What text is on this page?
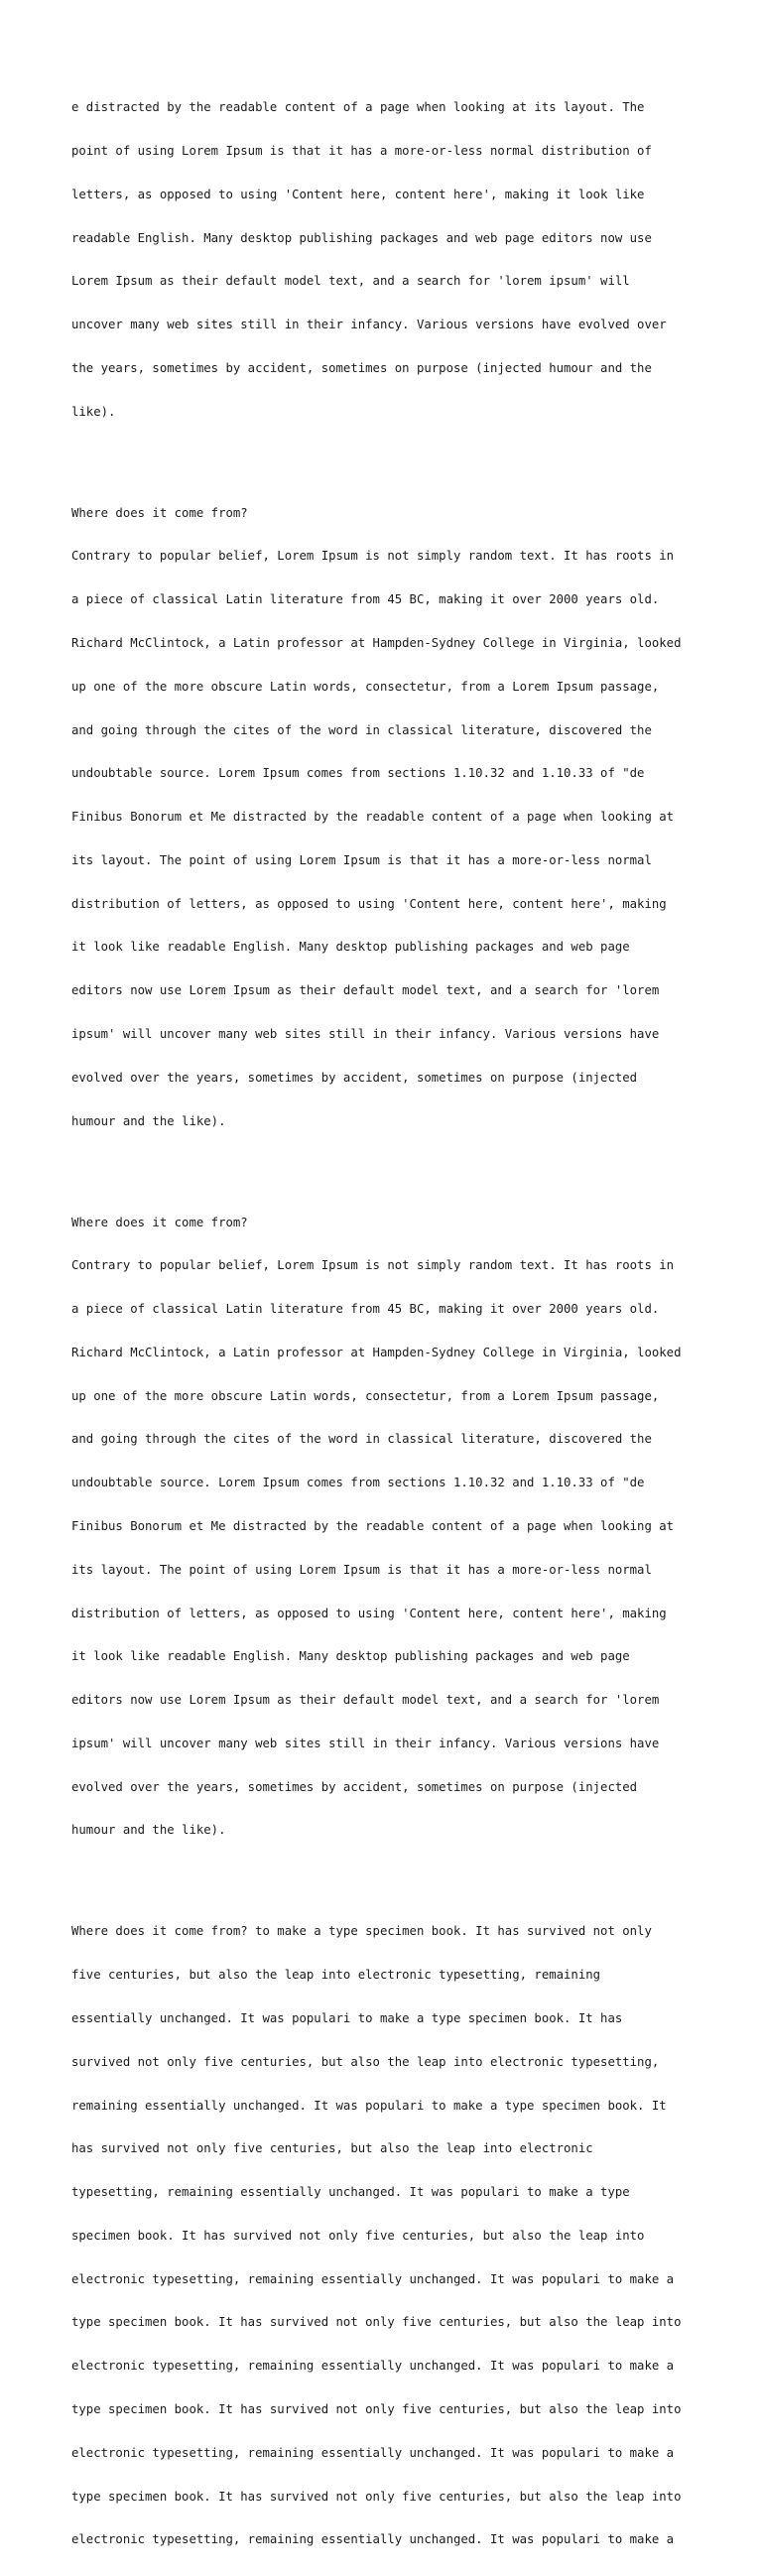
e distracted by the readable content of a page when looking at its layout. The

point of using Lorem Ipsum is that it has a more-or-less normal distribution of

letters, as opposed to using 'Content here, content here', making it look like

readable English. Many desktop publishing packages and web page editors now use

Lorem Ipsum as their default model text, and a search for 'lorem ipsum' will

uncover many web sites still in their infancy. Various versions have evolved over

the years, sometimes by accident, sometimes on purpose (injected humour and the

like).

Where does it come from?

Contrary to popular belief, Lorem Ipsum is not simply random text. It has roots in

a piece of classical Latin literature from 45 BC, making it over 2000 years old.

Richard McClintock, a Latin professor at Hampden-Sydney College in Virginia, looked

up one of the more obscure Latin words, consectetur, from a Lorem Ipsum passage,

and going through the cites of the word in classical literature, discovered the

undoubtable source. Lorem Ipsum comes from sections 1.10.32 and 1.10.33 of "de

Finibus Bonorum et Me distracted by the readable content of a page when looking at

its layout. The point of using Lorem Ipsum is that it has a more-or-less normal

distribution of letters, as opposed to using 'Content here, content here', making

it look like readable English. Many desktop publishing packages and web page

editors now use Lorem Ipsum as their default model text, and a search for 'lorem

ipsum' will uncover many web sites still in their infancy. Various versions have

evolved over the years, sometimes by accident, sometimes on purpose (injected

humour and the like).

Where does it come from?

Contrary to popular belief, Lorem Ipsum is not simply random text. It has roots in

a piece of classical Latin literature from 45 BC, making it over 2000 years old.

Richard McClintock, a Latin professor at Hampden-Sydney College in Virginia, looked

up one of the more obscure Latin words, consectetur, from a Lorem Ipsum passage,

and going through the cites of the word in classical literature, discovered the

undoubtable source. Lorem Ipsum comes from sections 1.10.32 and 1.10.33 of "de

Finibus Bonorum et Me distracted by the readable content of a page when looking at

its layout. The point of using Lorem Ipsum is that it has a more-or-less normal

distribution of letters, as opposed to using 'Content here, content here', making

it look like readable English. Many desktop publishing packages and web page

editors now use Lorem Ipsum as their default model text, and a search for 'lorem

ipsum' will uncover many web sites still in their infancy. Various versions have

evolved over the years, sometimes by accident, sometimes on purpose (injected

humour and the like).

Where does it come from? to make a type specimen book. It has survived not only

five centuries, but also the leap into electronic typesetting, remaining

essentially unchanged. It was populari to make a type specimen book. It has

survived not only five centuries, but also the leap into electronic typesetting,

remaining essentially unchanged. It was populari to make a type specimen book. It

has survived not only five centuries, but also the leap into electronic

typesetting, remaining essentially unchanged. It was populari to make a type

specimen book. It has survived not only five centuries, but also the leap into

electronic typesetting, remaining essentially unchanged. It was populari to make a

type specimen book. It has survived not only five centuries, but also the leap into

electronic typesetting, remaining essentially unchanged. It was populari to make a

type specimen book. It has survived not only five centuries, but also the leap into

electronic typesetting, remaining essentially unchanged. It was populari to make a

type specimen book. It has survived not only five centuries, but also the leap into

electronic typesetting, remaining essentially unchanged. It was populari to make a
